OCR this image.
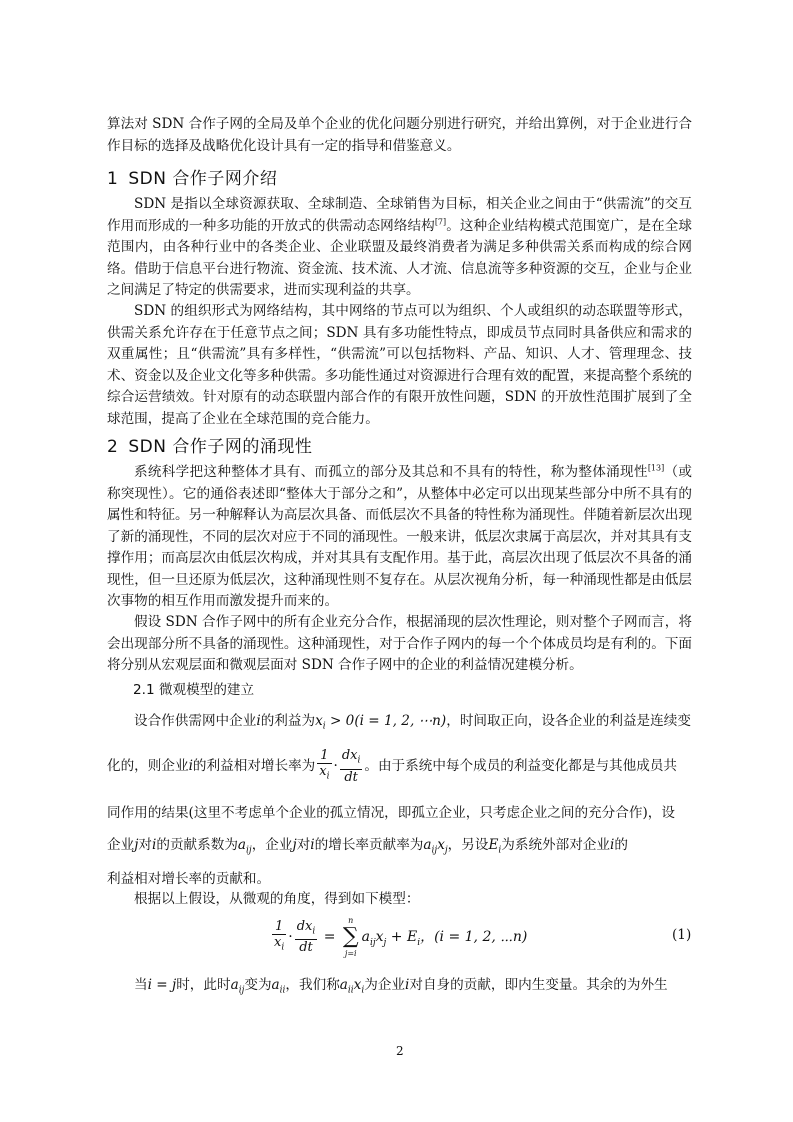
算法对 SDN 合作子网的全局及单个企业的优化问题分别进行研究，并给出算例，对于企业进行合作目标的选择及战略优化设计具有一定的指导和借鉴意义。

1 SDN 合作子网介绍

SDN 是指以全球资源获取、全球制造、全球销售为目标，相关企业之间由于“供需流”的交互作用而形成的一种多功能的开放式的供需动态网络结构[7]。这种企业结构模式范围宽广，是在全球范围内，由各种行业中的各类企业、企业联盟及最终消费者为满足多种供需关系而构成的综合网络。借助于信息平台进行物流、资金流、技术流、人才流、信息流等多种资源的交互，企业与企业之间满足了特定的供需要求，进而实现利益的共享。

SDN 的组织形式为网络结构，其中网络的节点可以为组织、个人或组织的动态联盟等形式，供需关系允许存在于任意节点之间；SDN 具有多功能性特点，即成员节点同时具备供应和需求的双重属性；且“供需流”具有多样性，“供需流”可以包括物料、产品、知识、人才、管理理念、技术、资金以及企业文化等多种供需。多功能性通过对资源进行合理有效的配置，来提高整个系统的综合运营绩效。针对原有的动态联盟内部合作的有限开放性问题，SDN 的开放性范围扩展到了全球范围，提高了企业在全球范围的竞合能力。

2 SDN 合作子网的涌现性

系统科学把这种整体才具有、而孤立的部分及其总和不具有的特性，称为整体涌现性[13]（或称突现性）。它的通俗表述即“整体大于部分之和”，从整体中必定可以出现某些部分中所不具有的属性和特征。另一种解释认为高层次具备、而低层次不具备的特性称为涌现性。伴随着新层次出现了新的涌现性，不同的层次对应于不同的涌现性。一般来讲，低层次隶属于高层次，并对其具有支撑作用；而高层次由低层次构成，并对其具有支配作用。基于此，高层次出现了低层次不具备的涌现性，但一旦还原为低层次，这种涌现性则不复存在。从层次视角分析，每一种涌现性都是由低层次事物的相互作用而激发提升而来的。

假设 SDN 合作子网中的所有企业充分合作，根据涌现的层次性理论，则对整个子网而言，将会出现部分所不具备的涌现性。这种涌现性，对于合作子网内的每一个个体成员均是有利的。下面将分别从宏观层面和微观层面对 SDN 合作子网中的企业的利益情况建模分析。

2.1 微观模型的建立

设合作供需网中企业i的利益为$x_i > 0(i = 1$, 2, ⋯n)，时间取正向，设各企业的利益是连续变

化的，则企业i的利益相对增长率为 $\frac{1}{x_i} \cdot \frac{dx_i}{dt}$ 。由于系统中每个成员的利益变化都是与其他成员共

同作用的结果(这里不考虑单个企业的孤立情况，即孤立企业，只考虑企业之间的充分合作)，设

企业j对i的贡献系数为$a_{ij}$，企业j对i的增长率贡献率为$a_{ij}x_j$，另设$E_i$为系统外部对企业i的

利益相对增长率的贡献和。

根据以上假设，从微观的角度，得到如下模型：

$\frac{1}{x_i} \cdot \frac{dx_i}{dt}$ =
n
∑
j=i
$a_{ij}x_j + E_i$，(i = 1, 2, ⋯n)	(1)

当i = j时，此时$a_{ij}$变为$a_{ii}$，我们称$a_{ii}x_i$为企业i对自身的贡献，即内生变量。其余的为外生

2
